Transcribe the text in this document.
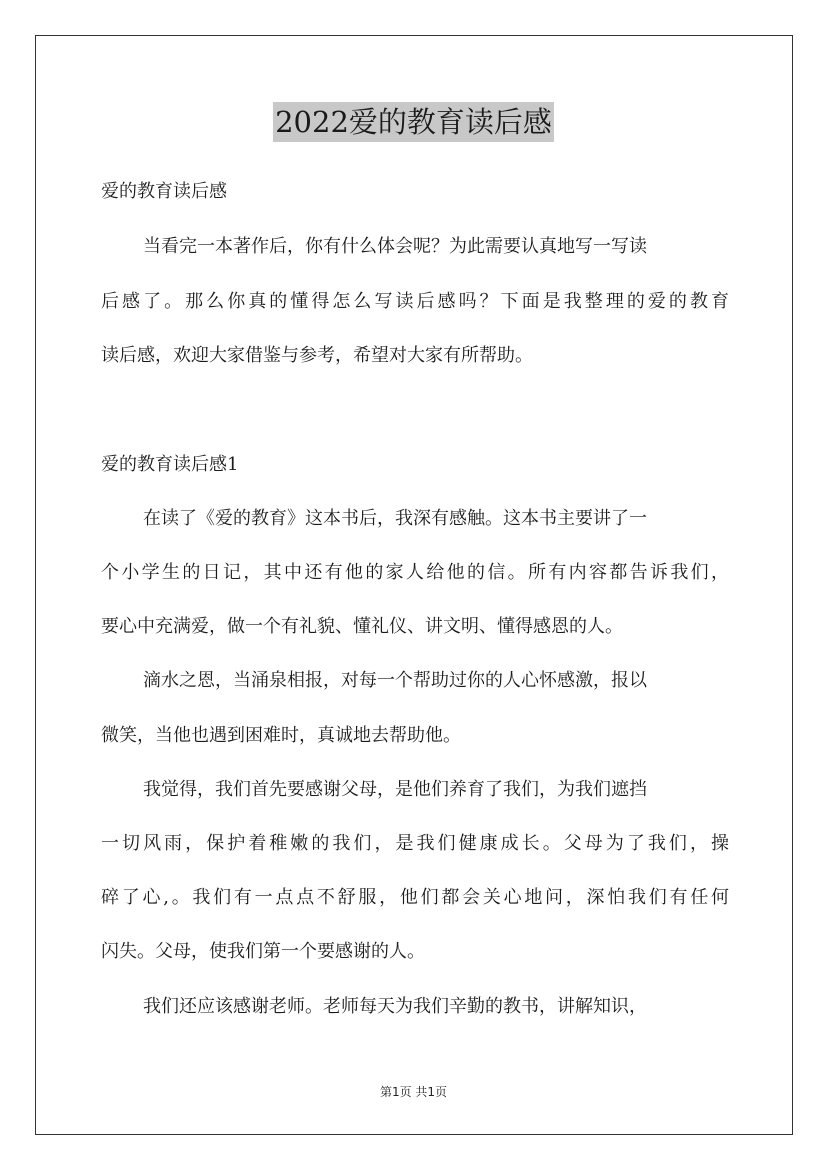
2022爱的教育读后感
爱的教育读后感
当看完一本著作后，你有什么体会呢？为此需要认真地写一写读
后感了。那么你真的懂得怎么写读后感吗？下面是我整理的爱的教育
读后感，欢迎大家借鉴与参考，希望对大家有所帮助。
爱的教育读后感1
在读了《爱的教育》这本书后，我深有感触。这本书主要讲了一
个小学生的日记，其中还有他的家人给他的信。所有内容都告诉我们，
要心中充满爱，做一个有礼貌、懂礼仪、讲文明、懂得感恩的人。
滴水之恩，当涌泉相报，对每一个帮助过你的人心怀感激，报以
微笑，当他也遇到困难时，真诚地去帮助他。
我觉得，我们首先要感谢父母，是他们养育了我们，为我们遮挡
一切风雨，保护着稚嫩的我们，是我们健康成长。父母为了我们，操
碎了心,。我们有一点点不舒服，他们都会关心地问，深怕我们有任何
闪失。父母，使我们第一个要感谢的人。
我们还应该感谢老师。老师每天为我们辛勤的教书，讲解知识，
第1页 共1页
